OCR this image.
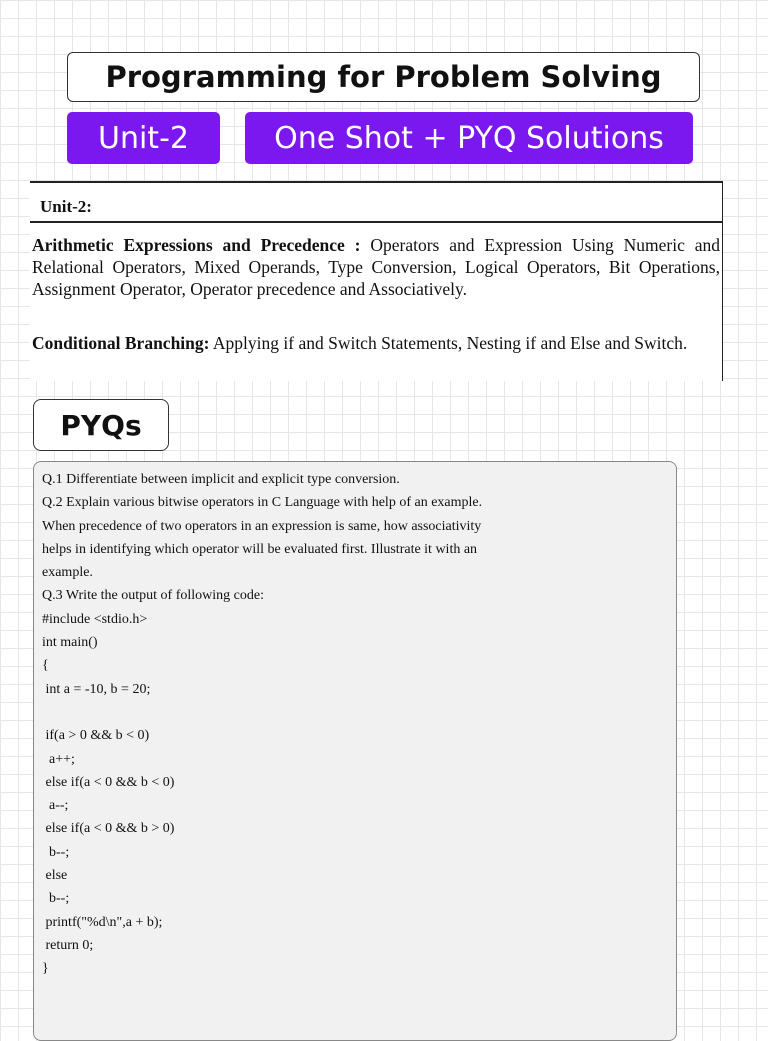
Programming for Problem Solving
Unit-2	One Shot + PYQ Solutions
Unit-2:

Arithmetic Expressions and Precedence : Operators and Expression Using Numeric and Relational Operators, Mixed Operands, Type Conversion, Logical Operators, Bit Operations, Assignment Operator, Operator precedence and Associatively.

Conditional Branching: Applying if and Switch Statements, Nesting if and Else and Switch.

PYQs
Q.1 Differentiate between implicit and explicit type conversion.
Q.2 Explain various bitwise operators in C Language with help of an example.
When precedence of two operators in an expression is same, how associativity
helps in identifying which operator will be evaluated first. Illustrate it with an
example.
Q.3 Write the output of following code:
#include <stdio.h>
int main()
{
int a = -10, b = 20;
if(a > 0 && b < 0)
a++;
else if(a < 0 && b < 0)
a--;
else if(a < 0 && b > 0)
b--;
else
b--;
printf("%d\n",a + b);
return 0;
}
